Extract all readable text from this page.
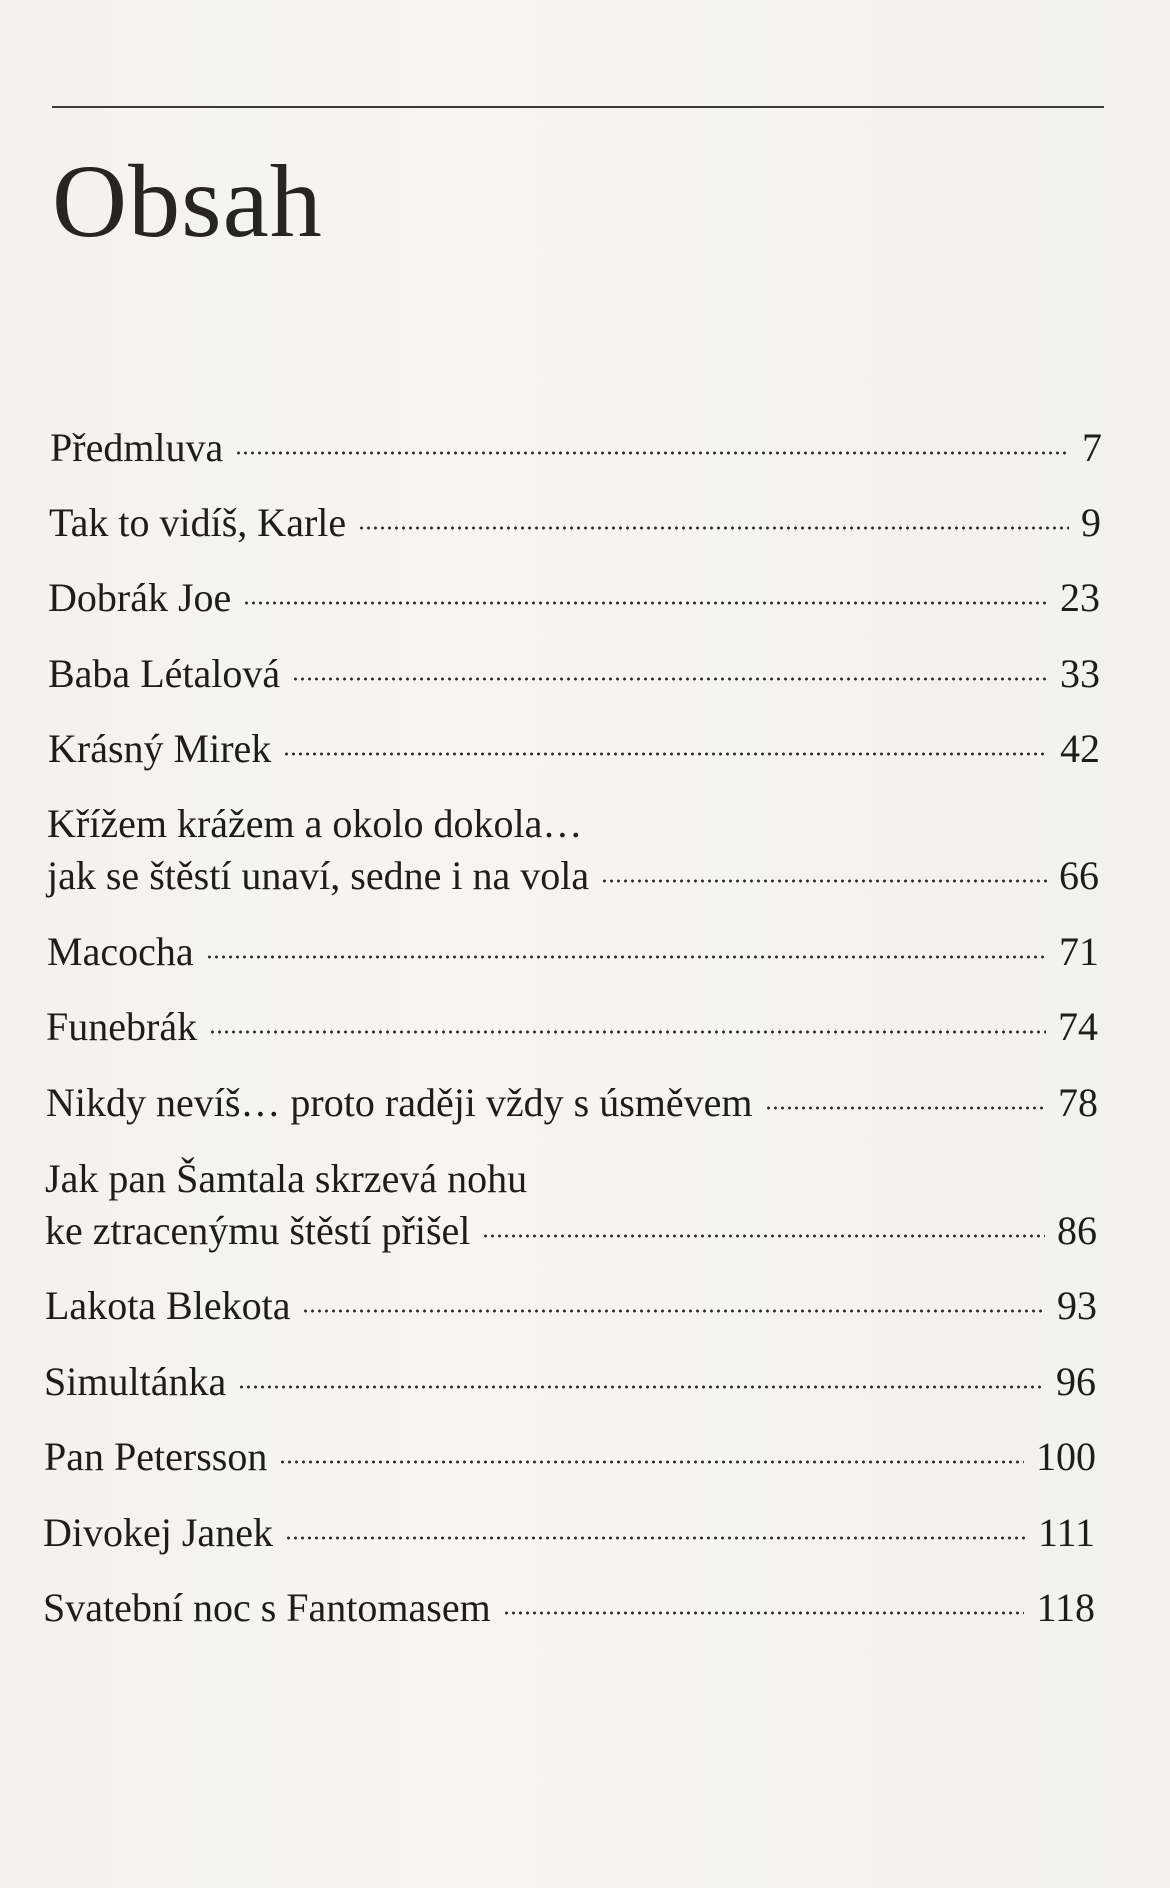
Obsah
Předmluva	7
Tak to vidíš, Karle	9
Dobrák Joe	23
Baba Létalová	33
Krásný Mirek	42
Křížem krážem a okolo dokola…
jak se štěstí unaví, sedne i na vola	66
Macocha	71
Funebrák	74
Nikdy nevíš… proto raději vždy s úsměvem	78
Jak pan Šamtala skrzevá nohu
ke ztracenýmu štěstí přišel	86
Lakota Blekota	93
Simultánka	96
Pan Petersson	100
Divokej Janek	111
Svatební noc s Fantomasem	118
